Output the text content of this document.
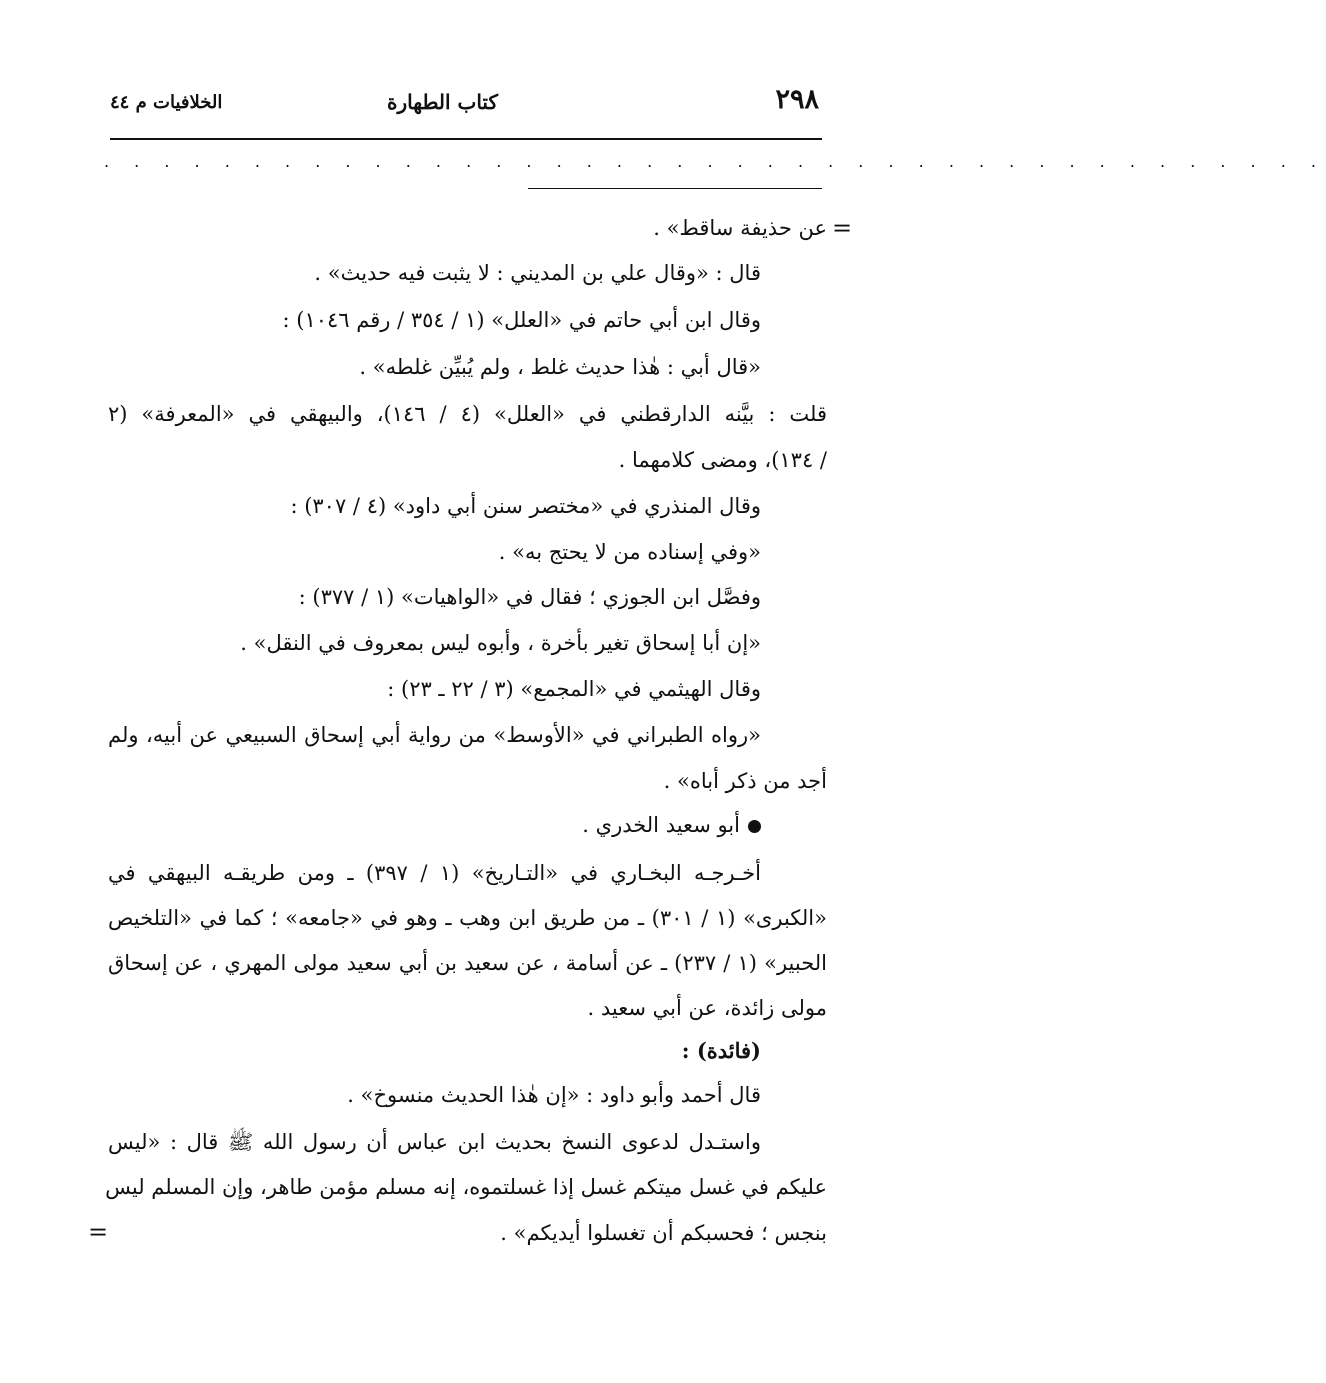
٢٩٨
كتاب الطهارة
الخلافيات م ٤٤
. . . . . . . . . . . . . . . . . . . . . . . . . . . . . . . . . . . . . . . . .
=
=
عن حذيفة ساقط» .
قال : «وقال علي بن المديني : لا يثبت فيه حديث» .
وقال ابن أبي حاتم في «العلل» (١ / ٣٥٤ / رقم ١٠٤٦) :
«قال أبي : هٰذا حديث غلط ، ولم يُبيِّن غلطه» .
قلت : بيَّنه الدارقطني في «العلل» (٤ / ١٤٦)، والبيهقي في «المعرفة» (٢
/ ١٣٤)، ومضى كلامهما .
وقال المنذري في «مختصر سنن أبي داود» (٤ / ٣٠٧) :
«وفي إسناده من لا يحتج به» .
وفصَّل ابن الجوزي ؛ فقال في «الواهيات» (١ / ٣٧٧) :
«إن أبا إسحاق تغير بأخرة ، وأبوه ليس بمعروف في النقل» .
وقال الهيثمي في «المجمع» (٣ / ٢٢ ـ ٢٣) :
«رواه الطبراني في «الأوسط» من رواية أبي إسحاق السبيعي عن أبيه، ولم
أجد من ذكر أباه» .
أبو سعيد الخدري .
أخـرجـه البخـاري في «التـاريخ» (١ / ٣٩٧) ـ ومن طريقـه البيهقي في
«الكبرى» (١ / ٣٠١) ـ من طريق ابن وهب ـ وهو في «جامعه» ؛ كما في «التلخيص
الحبير» (١ / ٢٣٧) ـ عن أسامة ، عن سعيد بن أبي سعيد مولى المهري ، عن إسحاق
مولى زائدة، عن أبي سعيد .
(فائدة) :
قال أحمد وأبو داود : «إن هٰذا الحديث منسوخ» .
واستـدل لدعوى النسخ بحديث ابن عباس أن رسول الله ﷺ قال : «ليس
عليكم في غسل ميتكم غسل إذا غسلتموه، إنه مسلم مؤمن طاهر، وإن المسلم ليس
بنجس ؛ فحسبكم أن تغسلوا أيديكم» .
